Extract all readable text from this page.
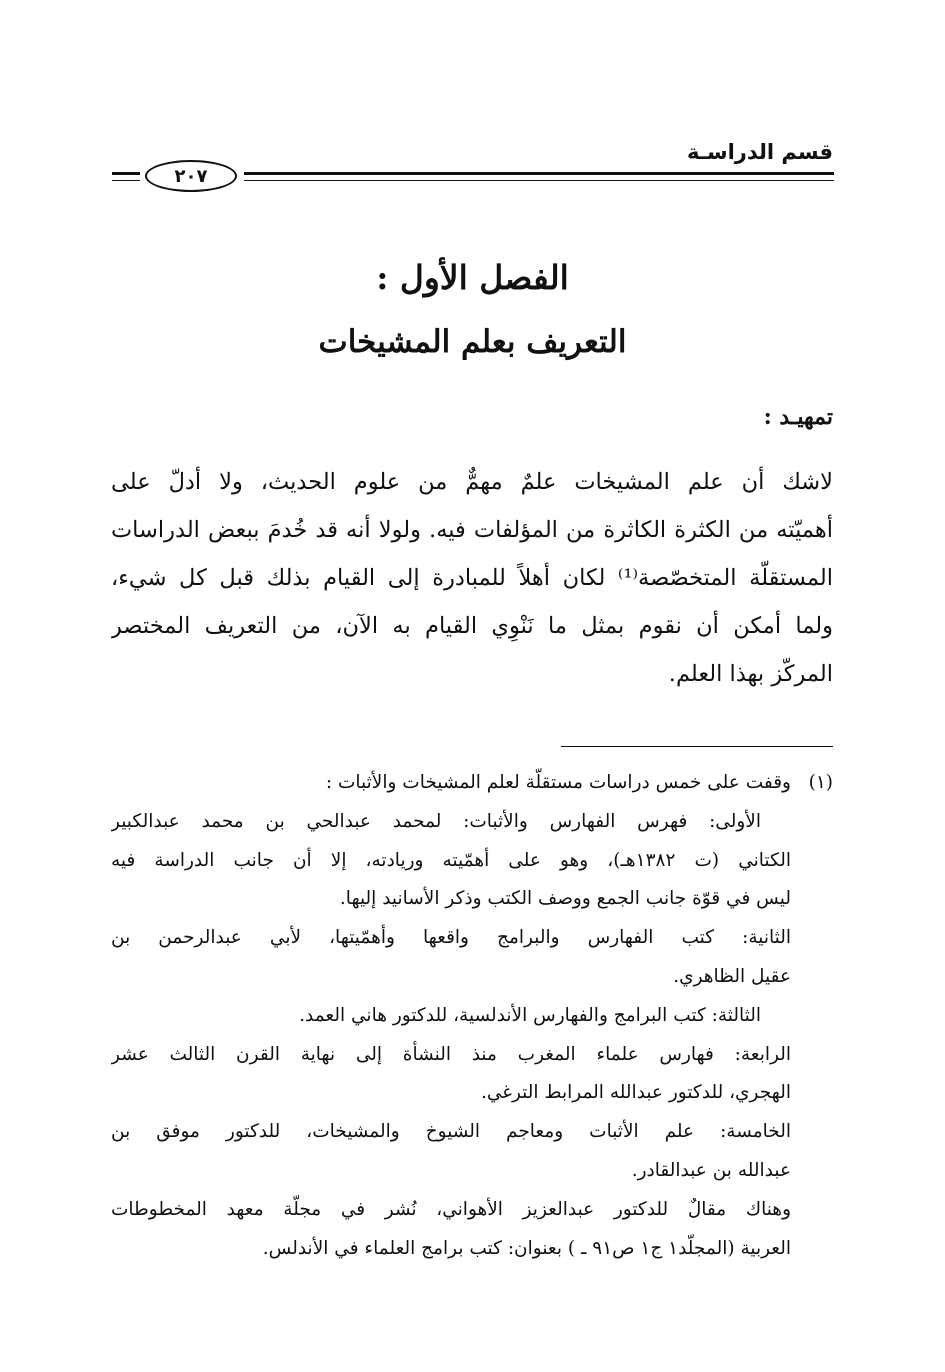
قسم الدراسـة
٢٠٧
الفصل الأول :
التعريف بعلم المشيخات
تمهيـد :
لاشك أن علم المشيخات علمٌ مهمٌّ من علوم الحديث، ولا أدلّ على
أهميّته من الكثرة الكاثرة من المؤلفات فيه. ولولا أنه قد خُدمَ ببعض الدراسات
المستقلّة المتخصّصة⁽¹⁾ لكان أهلاً للمبادرة إلى القيام بذلك قبل كل شيء،
ولما أمكن أن نقوم بمثل ما نَنْوِي القيام به الآن، من التعريف المختصر
المركّز بهذا العلم.
(١)وقفت على خمس دراسات مستقلّة لعلم المشيخات والأثبات :
الأولى: فهرس الفهارس والأثبات: لمحمد عبدالحي بن محمد عبدالكبير
الكتاني (ت ١٣٨٢هـ)، وهو على أهمّيته وريادته، إلا أن جانب الدراسة فيه
ليس في قوّة جانب الجمع ووصف الكتب وذكر الأسانيد إليها.
الثانية: كتب الفهارس والبرامج واقعها وأهمّيتها، لأبي عبدالرحمن بن
عقيل الظاهري.
الثالثة: كتب البرامج والفهارس الأندلسية، للدكتور هاني العمد.
الرابعة: فهارس علماء المغرب منذ النشأة إلى نهاية القرن الثالث عشر
الهجري، للدكتور عبدالله المرابط الترغي.
الخامسة: علم الأثبات ومعاجم الشيوخ والمشيخات، للدكتور موفق بن
عبدالله بن عبدالقادر.
وهناك مقالٌ للدكتور عبدالعزيز الأهواني، نُشر في مجلّة معهد المخطوطات
العربية (المجلّد١ ج١ ص٩١ ـ ) بعنوان: كتب برامج العلماء في الأندلس.
